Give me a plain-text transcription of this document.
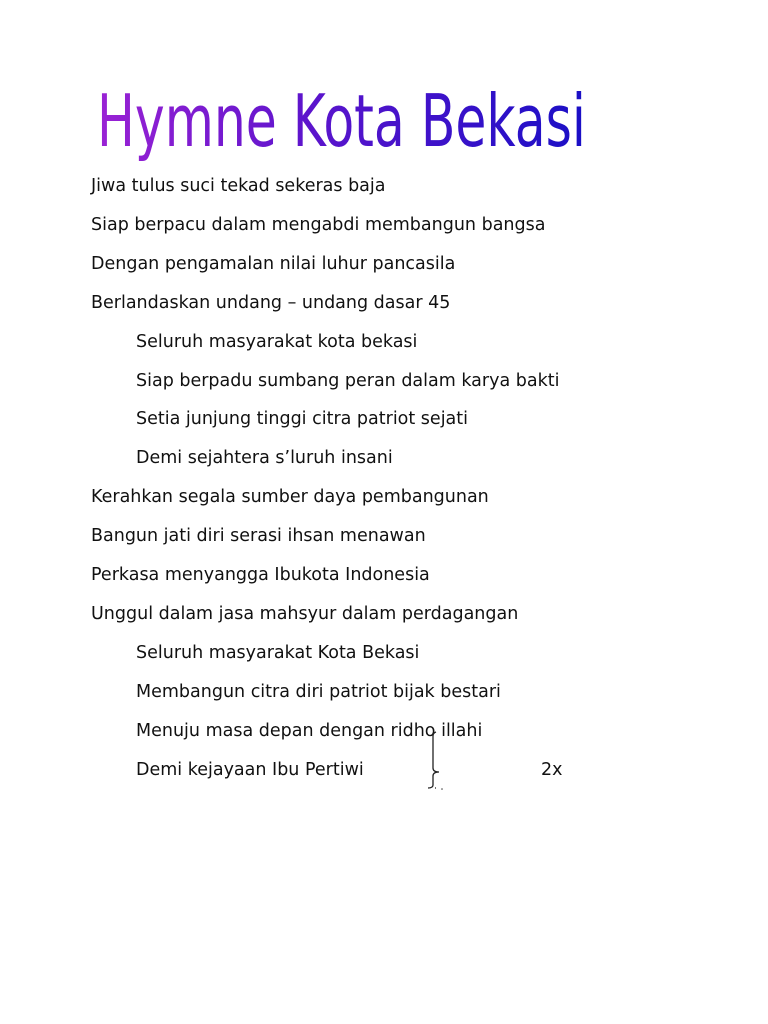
Hymne Kota Bekasi
Jiwa tulus suci tekad sekeras baja
Siap berpacu dalam mengabdi membangun bangsa
Dengan pengamalan nilai luhur pancasila
Berlandaskan undang – undang dasar 45
Seluruh masyarakat kota bekasi
Siap berpadu sumbang peran dalam karya bakti
Setia junjung tinggi citra patriot sejati
Demi sejahtera s’luruh insani
Kerahkan segala sumber daya pembangunan
Bangun jati diri serasi ihsan menawan
Perkasa menyangga Ibukota Indonesia
Unggul dalam jasa mahsyur dalam perdagangan
Seluruh masyarakat Kota Bekasi
Membangun citra diri patriot bijak bestari
Menuju masa depan dengan ridho illahi
Demi kejayaan Ibu Pertiwi	2x
